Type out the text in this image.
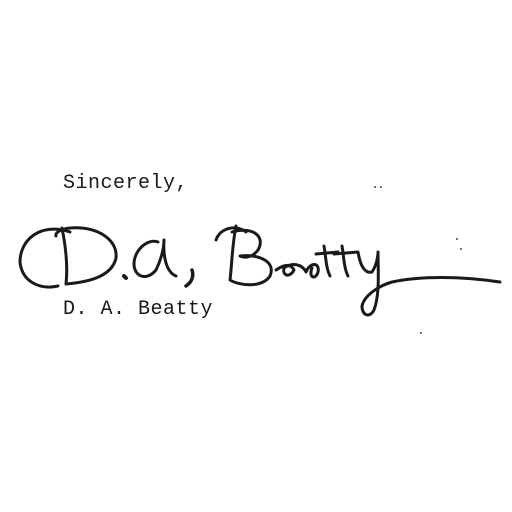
Sincerely,
D. A. Beatty
